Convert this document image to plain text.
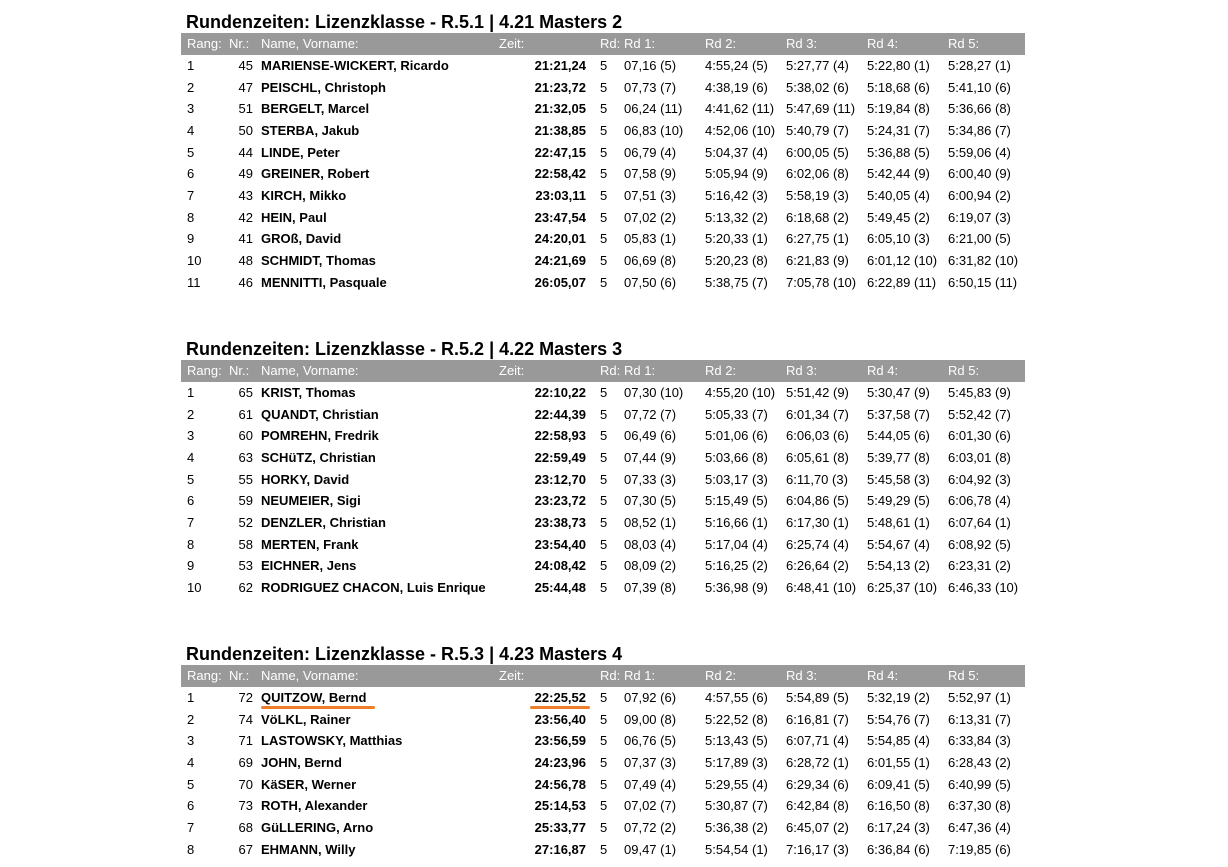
Rundenzeiten: Lizenzklasse - R.5.1 | 4.21 Masters 2
Rang: Nr.: Name, Vorname:	Zeit:	Rd: Rd 1:	Rd 2:	Rd 3:	Rd 4:	Rd 5:
1	45 MARIENSE-WICKERT, Ricardo	21:21,24 5 07,16 (5) 4:55,24 (5) 5:27,77 (4) 5:22,80 (1) 5:28,27 (1)
2	47 PEISCHL, Christoph	21:23,72 5 07,73 (7) 4:38,19 (6) 5:38,02 (6) 5:18,68 (6) 5:41,10 (6)
3	51 BERGELT, Marcel	21:32,05 5 06,24 (11) 4:41,62 (11) 5:47,69 (11) 5:19,84 (8) 5:36,66 (8)
4	50 STERBA, Jakub	21:38,85 5 06,83 (10) 4:52,06 (10) 5:40,79 (7) 5:24,31 (7) 5:34,86 (7)
5	44 LINDE, Peter	22:47,15 5 06,79 (4) 5:04,37 (4) 6:00,05 (5) 5:36,88 (5) 5:59,06 (4)
6	49 GREINER, Robert	22:58,42 5 07,58 (9) 5:05,94 (9) 6:02,06 (8) 5:42,44 (9) 6:00,40 (9)
7	43 KIRCH, Mikko	23:03,11 5 07,51 (3) 5:16,42 (3) 5:58,19 (3) 5:40,05 (4) 6:00,94 (2)
8	42 HEIN, Paul	23:47,54 5 07,02 (2) 5:13,32 (2) 6:18,68 (2) 5:49,45 (2) 6:19,07 (3)
9	41 GROß, David	24:20,01 5 05,83 (1) 5:20,33 (1) 6:27,75 (1) 6:05,10 (3) 6:21,00 (5)
10	48 SCHMIDT, Thomas	24:21,69 5 06,69 (8) 5:20,23 (8) 6:21,83 (9) 6:01,12 (10) 6:31,82 (10)
11	46 MENNITTI, Pasquale	26:05,07 5 07,50 (6) 5:38,75 (7) 7:05,78 (10) 6:22,89 (11) 6:50,15 (11)
Rundenzeiten: Lizenzklasse - R.5.2 | 4.22 Masters 3
Rang: Nr.: Name, Vorname:	Zeit:	Rd: Rd 1:	Rd 2:	Rd 3:	Rd 4:	Rd 5:
1	65 KRIST, Thomas	22:10,22 5 07,30 (10) 4:55,20 (10) 5:51,42 (9) 5:30,47 (9) 5:45,83 (9)
2	61 QUANDT, Christian	22:44,39 5 07,72 (7) 5:05,33 (7) 6:01,34 (7) 5:37,58 (7) 5:52,42 (7)
3	60 POMREHN, Fredrik	22:58,93 5 06,49 (6) 5:01,06 (6) 6:06,03 (6) 5:44,05 (6) 6:01,30 (6)
4	63 SCHüTZ, Christian	22:59,49 5 07,44 (9) 5:03,66 (8) 6:05,61 (8) 5:39,77 (8) 6:03,01 (8)
5	55 HORKY, David	23:12,70 5 07,33 (3) 5:03,17 (3) 6:11,70 (3) 5:45,58 (3) 6:04,92 (3)
6	59 NEUMEIER, Sigi	23:23,72 5 07,30 (5) 5:15,49 (5) 6:04,86 (5) 5:49,29 (5) 6:06,78 (4)
7	52 DENZLER, Christian	23:38,73 5 08,52 (1) 5:16,66 (1) 6:17,30 (1) 5:48,61 (1) 6:07,64 (1)
8	58 MERTEN, Frank	23:54,40 5 08,03 (4) 5:17,04 (4) 6:25,74 (4) 5:54,67 (4) 6:08,92 (5)
9	53 EICHNER, Jens	24:08,42 5 08,09 (2) 5:16,25 (2) 6:26,64 (2) 5:54,13 (2) 6:23,31 (2)
10	62 RODRIGUEZ CHACON, Luis Enrique	25:44,48 5 07,39 (8) 5:36,98 (9) 6:48,41 (10) 6:25,37 (10) 6:46,33 (10)
Rundenzeiten: Lizenzklasse - R.5.3 | 4.23 Masters 4
Rang: Nr.: Name, Vorname:	Zeit:	Rd: Rd 1:	Rd 2:	Rd 3:	Rd 4:	Rd 5:
1	72 QUITZOW, Bernd	22:25,52 5 07,92 (6) 4:57,55 (6) 5:54,89 (5) 5:32,19 (2) 5:52,97 (1)
2	74 VöLKL, Rainer	23:56,40 5 09,00 (8) 5:22,52 (8) 6:16,81 (7) 5:54,76 (7) 6:13,31 (7)
3	71 LASTOWSKY, Matthias	23:56,59 5 06,76 (5) 5:13,43 (5) 6:07,71 (4) 5:54,85 (4) 6:33,84 (3)
4	69 JOHN, Bernd	24:23,96 5 07,37 (3) 5:17,89 (3) 6:28,72 (1) 6:01,55 (1) 6:28,43 (2)
5	70 KäSER, Werner	24:56,78 5 07,49 (4) 5:29,55 (4) 6:29,34 (6) 6:09,41 (5) 6:40,99 (5)
6	73 ROTH, Alexander	25:14,53 5 07,02 (7) 5:30,87 (7) 6:42,84 (8) 6:16,50 (8) 6:37,30 (8)
7	68 GüLLERING, Arno	25:33,77 5 07,72 (2) 5:36,38 (2) 6:45,07 (2) 6:17,24 (3) 6:47,36 (4)
8	67 EHMANN, Willy	27:16,87 5 09,47 (1) 5:54,54 (1) 7:16,17 (3) 6:36,84 (6) 7:19,85 (6)
